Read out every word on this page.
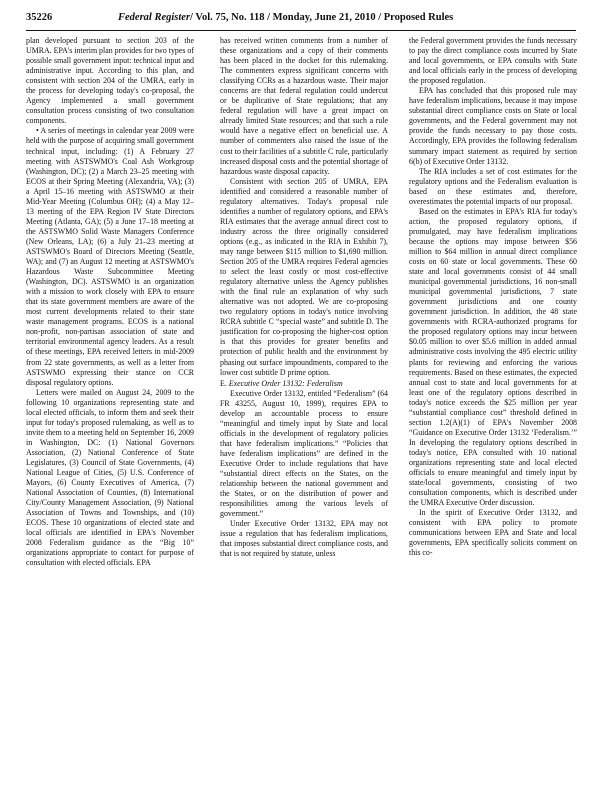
35226	Federal Register/ Vol. 75, No. 118 / Monday, June 21, 2010 / Proposed Rules

plan developed pursuant to section 203 of the UMRA. EPA's interim plan provides for two types of possible small government input: technical input and administrative input. According to this plan, and consistent with section 204 of the UMRA, early in the process for developing today's co-proposal, the Agency implemented a small government consultation process consisting of two consultation components.

• A series of meetings in calendar year 2009 were held with the purpose of acquiring small government technical input, including: (1) A February 27 meeting with ASTSWMO's Coal Ash Workgroup (Washington, DC); (2) a March 23–25 meeting with ECOS at their Spring Meeting (Alexandria, VA); (3) a April 15–16 meeting with ASTSWMO at their Mid-Year Meeting (Columbus OH); (4) a May 12–13 meeting of the EPA Region IV State Directors Meeting (Atlanta, GA); (5) a June 17–18 meeting at the ASTSWMO Solid Waste Managers Conference (New Orleans, LA); (6) a July 21–23 meeting at ASTSWMO's Board of Directors Meeting (Seattle, WA); and (7) an August 12 meeting at ASTSWMO's Hazardous Waste Subcommittee Meeting (Washington, DC). ASTSWMO is an organization with a mission to work closely with EPA to ensure that its state government members are aware of the most current developments related to their state waste management programs. ECOS is a national non-profit, non-partisan association of state and territorial environmental agency leaders. As a result of these meetings, EPA received letters in mid-2009 from 22 state governments, as well as a letter from ASTSWMO expressing their stance on CCR disposal regulatory options.

Letters were mailed on August 24, 2009 to the following 10 organizations representing state and local elected officials, to inform them and seek their input for today's proposed rulemaking, as well as to invite them to a meeting held on September 16, 2009 in Washington, DC: (1) National Governors Association, (2) National Conference of State Legislatures, (3) Council of State Governments, (4) National League of Cities, (5) U.S. Conference of Mayors, (6) County Executives of America, (7) National Association of Counties, (8) International City/County Management Association, (9) National Association of Towns and Townships, and (10) ECOS. These 10 organizations of elected state and local officials are identified in EPA's November 2008 Federalism guidance as the “Big 10” organizations appropriate to contact for purpose of consultation with elected officials. EPA

has received written comments from a number of these organizations and a copy of their comments has been placed in the docket for this rulemaking. The commenters express significant concerns with classifying CCRs as a hazardous waste. Their major concerns are that federal regulation could undercut or be duplicative of State regulations; that any federal regulation will have a great impact on already limited State resources; and that such a rule would have a negative effect on beneficial use. A number of commenters also raised the issue of the cost to their facilities of a subtitle C rule, particularly increased disposal costs and the potential shortage of hazardous waste disposal capacity.

Consistent with section 205 of UMRA, EPA identified and considered a reasonable number of regulatory alternatives. Today's proposal rule identifies a number of regulatory options, and EPA's RIA estimates that the average annual direct cost to industry across the three originally considered options (e.g., as indicated in the RIA in Exhibit 7), may range between $115 million to $1,690 million. Section 205 of the UMRA requires Federal agencies to select the least costly or most cost-effective regulatory alternative unless the Agency publishes with the final rule an explanation of why such alternative was not adopted. We are co-proposing two regulatory options in today's notice involving RCRA subtitle C “special waste” and subtitle D. The justification for co-proposing the higher-cost option is that this provides for greater benefits and protection of public health and the environment by phasing out surface impoundments, compared to the lower cost subtitle D prime option.

E. Executive Order 13132: Federalism

Executive Order 13132, entitled “Federalism” (64 FR 43255, August 10, 1999), requires EPA to develop an accountable process to ensure “meaningful and timely input by State and local officials in the development of regulatory policies that have federalism implications.” “Policies that have federalism implications” are defined in the Executive Order to include regulations that have “substantial direct effects on the States, on the relationship between the national government and the States, or on the distribution of power and responsibilities among the various levels of government.”

Under Executive Order 13132, EPA may not issue a regulation that has federalism implications, that imposes substantial direct compliance costs, and that is not required by statute, unless

the Federal government provides the funds necessary to pay the direct compliance costs incurred by State and local governments, or EPA consults with State and local officials early in the process of developing the proposed regulation.

EPA has concluded that this proposed rule may have federalism implications, because it may impose substantial direct compliance costs on State or local governments, and the Federal government may not provide the funds necessary to pay those costs. Accordingly, EPA provides the following federalism summary impact statement as required by section 6(b) of Executive Order 13132.

The RIA includes a set of cost estimates for the regulatory options and the Federalism evaluation is based on these estimates and, therefore, overestimates the potential impacts of our proposal.

Based on the estimates in EPA's RIA for today's action, the proposed regulatory options, if promulgated, may have federalism implications because the options may impose between $56 million to $64 million in annual direct compliance costs on 60 state or local governments. These 60 state and local governments consist of 44 small municipal governmental jurisdictions, 16 non-small municipal governmental jurisdictions, 7 state government jurisdictions and one county government jurisdiction. In addition, the 48 state governments with RCRA-authorized programs for the proposed regulatory options may incur between $0.05 million to over $5.6 million in added annual administrative costs involving the 495 electric utility plants for reviewing and enforcing the various requirements. Based on these estimates, the expected annual cost to state and local governments for at least one of the regulatory options described in today's notice exceeds the $25 million per year “substantial compliance cost” threshold defined in section 1.2(A)(1) of EPA's November 2008 “Guidance on Executive Order 13132 ‘Federalism.’” In developing the regulatory options described in today's notice, EPA consulted with 10 national organizations representing state and local elected officials to ensure meaningful and timely input by state/local governments, consisting of two consultation components, which is described under the UMRA Executive Order discussion.

In the spirit of Executive Order 13132, and consistent with EPA policy to promote communications between EPA and State and local governments, EPA specifically solicits comment on this co-
